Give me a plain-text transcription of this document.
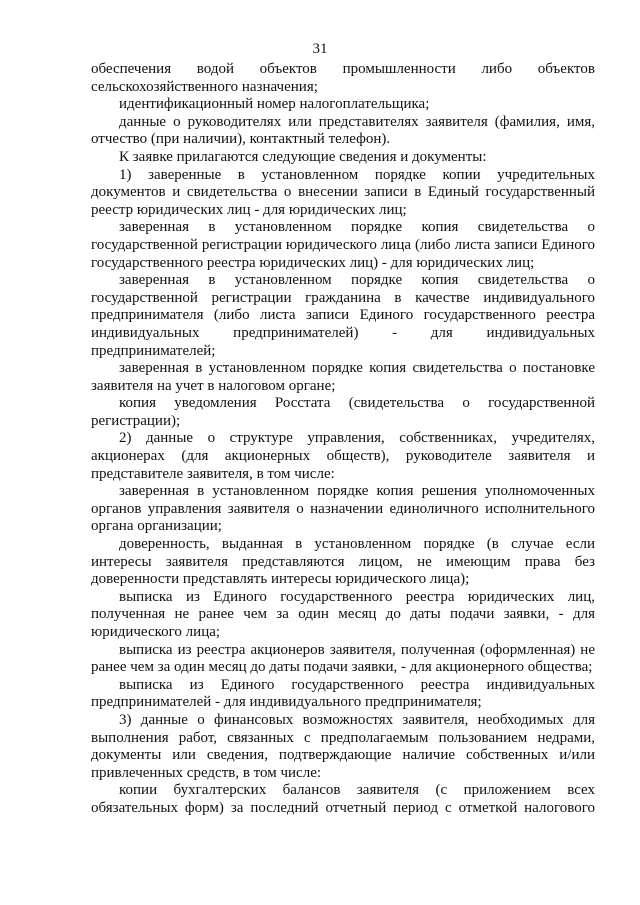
31

обеспечения водой объектов промышленности либо объектов сельскохозяйственного назначения;

идентификационный номер налогоплательщика;

данные о руководителях или представителях заявителя (фамилия, имя, отчество (при наличии), контактный телефон).

К заявке прилагаются следующие сведения и документы:

1) заверенные в установленном порядке копии учредительных документов и свидетельства о внесении записи в Единый государственный реестр юридических лиц - для юридических лиц;

заверенная в установленном порядке копия свидетельства о государственной регистрации юридического лица (либо листа записи Единого государственного реестра юридических лиц) - для юридических лиц;

заверенная в установленном порядке копия свидетельства о государственной регистрации гражданина в качестве индивидуального предпринимателя (либо листа записи Единого государственного реестра индивидуальных предпринимателей) - для индивидуальных предпринимателей;

заверенная в установленном порядке копия свидетельства о постановке заявителя на учет в налоговом органе;

копия уведомления Росстата (свидетельства о государственной регистрации);

2) данные о структуре управления, собственниках, учредителях, акционерах (для акционерных обществ), руководителе заявителя и представителе заявителя, в том числе:

заверенная в установленном порядке копия решения уполномоченных органов управления заявителя о назначении единоличного исполнительного органа организации;

доверенность, выданная в установленном порядке (в случае если интересы заявителя представляются лицом, не имеющим права без доверенности представлять интересы юридического лица);

выписка из Единого государственного реестра юридических лиц, полученная не ранее чем за один месяц до даты подачи заявки, - для юридического лица;

выписка из реестра акционеров заявителя, полученная (оформленная) не ранее чем за один месяц до даты подачи заявки, - для акционерного общества;

выписка из Единого государственного реестра индивидуальных предпринимателей - для индивидуального предпринимателя;

3) данные о финансовых возможностях заявителя, необходимых для выполнения работ, связанных с предполагаемым пользованием недрами, документы или сведения, подтверждающие наличие собственных и/или привлеченных средств, в том числе:

копии бухгалтерских балансов заявителя (с приложением всех обязательных форм) за последний отчетный период с отметкой налогового
